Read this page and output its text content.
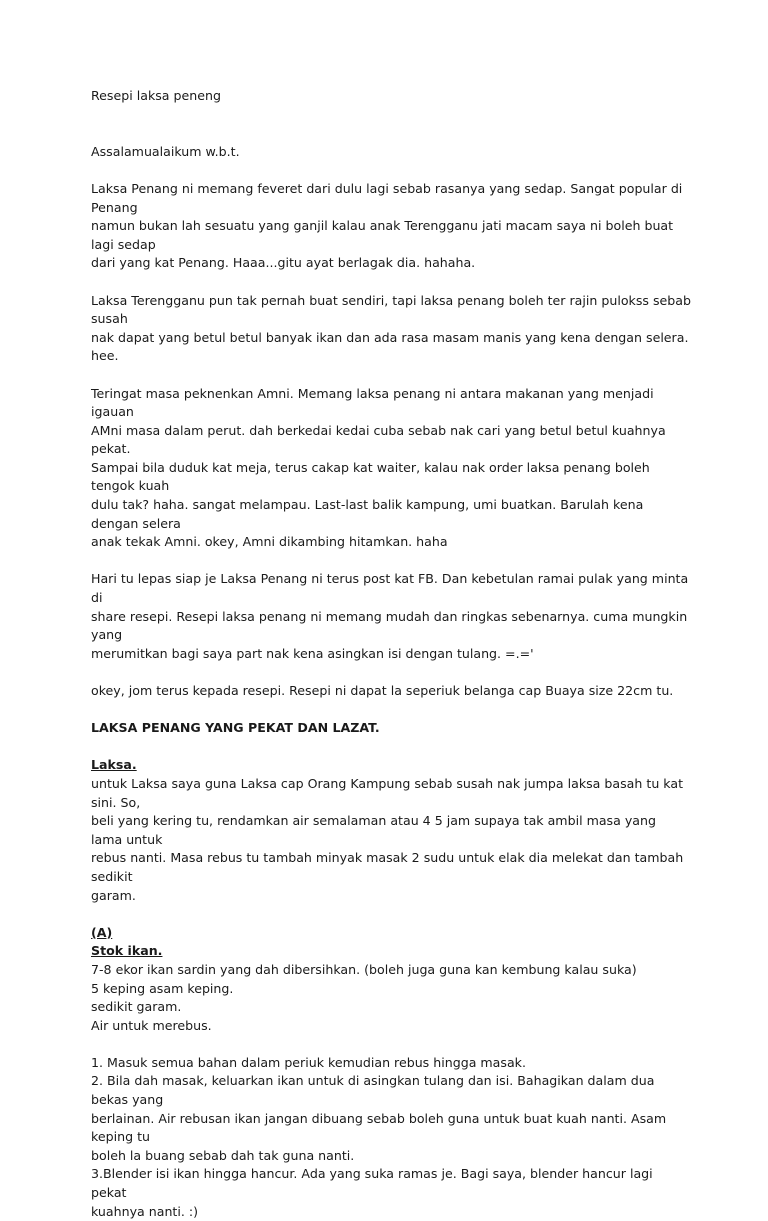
Resepi laksa peneng

Assalamualaikum w.b.t.

Laksa Penang ni memang feveret dari dulu lagi sebab rasanya yang sedap. Sangat popular di Penang

namun bukan lah sesuatu yang ganjil kalau anak Terengganu jati macam saya ni boleh buat lagi sedap

dari yang kat Penang. Haaa...gitu ayat berlagak dia. hahaha.

Laksa Terengganu pun tak pernah buat sendiri, tapi laksa penang boleh ter rajin pulokss sebab susah

nak dapat yang betul betul banyak ikan dan ada rasa masam manis yang kena dengan selera. hee.

Teringat masa peknenkan Amni. Memang laksa penang ni antara makanan yang menjadi igauan

AMni masa dalam perut. dah berkedai kedai cuba sebab nak cari yang betul betul kuahnya pekat.

Sampai bila duduk kat meja, terus cakap kat waiter, kalau nak order laksa penang boleh tengok kuah

dulu tak? haha. sangat melampau. Last-last balik kampung, umi buatkan. Barulah kena dengan selera

anak tekak Amni. okey, Amni dikambing hitamkan. haha

Hari tu lepas siap je Laksa Penang ni terus post kat FB. Dan kebetulan ramai pulak yang minta di

share resepi. Resepi laksa penang ni memang mudah dan ringkas sebenarnya. cuma mungkin yang

merumitkan bagi saya part nak kena asingkan isi dengan tulang. =.='

okey, jom terus kepada resepi. Resepi ni dapat la seperiuk belanga cap Buaya size 22cm tu.

LAKSA PENANG YANG PEKAT DAN LAZAT.

Laksa.

untuk Laksa saya guna Laksa cap Orang Kampung sebab susah nak jumpa laksa basah tu kat sini. So,

beli yang kering tu, rendamkan air semalaman atau 4 5 jam supaya tak ambil masa yang lama untuk

rebus nanti. Masa rebus tu tambah minyak masak 2 sudu untuk elak dia melekat dan tambah sedikit

garam.

(A)

Stok ikan.

7-8 ekor ikan sardin yang dah dibersihkan. (boleh juga guna kan kembung kalau suka)

5 keping asam keping.

sedikit garam.

Air untuk merebus.

1. Masuk semua bahan dalam periuk kemudian rebus hingga masak.

2. Bila dah masak, keluarkan ikan untuk di asingkan tulang dan isi. Bahagikan dalam dua bekas yang

berlainan. Air rebusan ikan jangan dibuang sebab boleh guna untuk buat kuah nanti. Asam keping tu

boleh la buang sebab dah tak guna nanti.

3.Blender isi ikan hingga hancur. Ada yang suka ramas je. Bagi saya, blender hancur lagi pekat

kuahnya nanti. :)
